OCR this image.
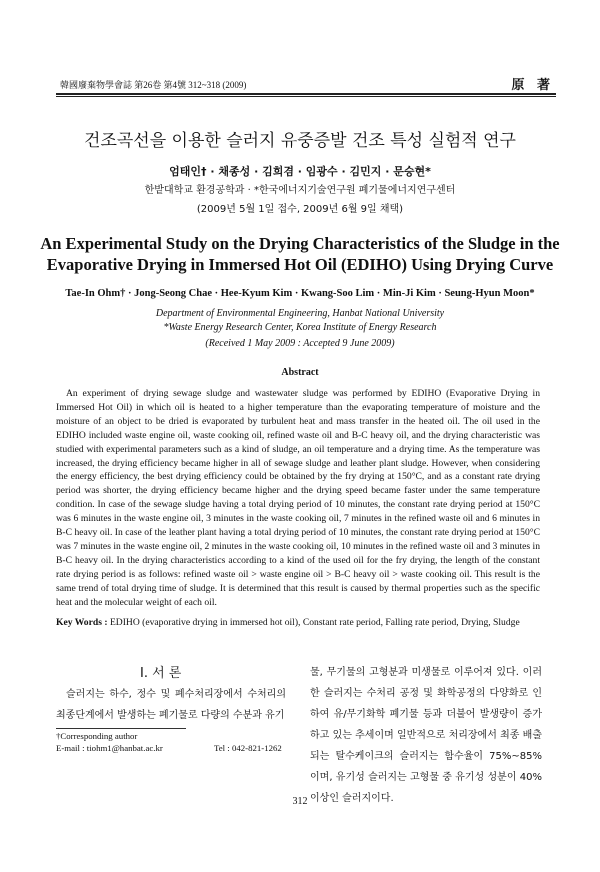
韓國廢棄物學會誌 第26卷 第4號 312~318 (2009)	原 著
건조곡선을 이용한 슬러지 유중증발 건조 특성 실험적 연구
엄태인† · 채종성 · 김희겸 · 임광수 · 김민지 · 문승현*
한밭대학교 환경공학과 · *한국에너지기술연구원 폐기물에너지연구센터
(2009년 5월 1일 접수, 2009년 6월 9일 채택)
An Experimental Study on the Drying Characteristics of the Sludge in the Evaporative Drying in Immersed Hot Oil (EDIHO) Using Drying Curve
Tae-In Ohm† · Jong-Seong Chae · Hee-Kyum Kim · Kwang-Soo Lim · Min-Ji Kim · Seung-Hyun Moon*
Department of Environmental Engineering, Hanbat National University
*Waste Energy Research Center, Korea Institute of Energy Research
(Received 1 May 2009 : Accepted 9 June 2009)
Abstract
An experiment of drying sewage sludge and wastewater sludge was performed by EDIHO (Evaporative Drying in Immersed Hot Oil) in which oil is heated to a higher temperature than the evaporating temperature of moisture and the moisture of an object to be dried is evaporated by turbulent heat and mass transfer in the heated oil. The oil used in the EDIHO included waste engine oil, waste cooking oil, refined waste oil and B-C heavy oil, and the drying characteristic was studied with experimental parameters such as a kind of sludge, an oil temperature and a drying time. As the temperature was increased, the drying efficiency became higher in all of sewage sludge and leather plant sludge. However, when considering the energy efficiency, the best drying efficiency could be obtained by the fry drying at 150°C, and as a constant rate drying period was shorter, the drying efficiency became higher and the drying speed became faster under the same temperature condition. In case of the sewage sludge having a total drying period of 10 minutes, the constant rate drying period at 150°C was 6 minutes in the waste engine oil, 3 minutes in the waste cooking oil, 7 minutes in the refined waste oil and 6 minutes in B-C heavy oil. In case of the leather plant having a total drying period of 10 minutes, the constant rate drying period at 150°C was 7 minutes in the waste engine oil, 2 minutes in the waste cooking oil, 10 minutes in the refined waste oil and 3 minutes in B-C heavy oil. In the drying characteristics according to a kind of the used oil for the fry drying, the length of the constant rate drying period is as follows: refined waste oil > waste engine oil > B-C heavy oil > waste cooking oil. This result is the same trend of total drying time of sludge. It is determined that this result is caused by thermal properties such as the specific heat and the molecular weight of each oil.
Key Words : EDIHO (evaporative drying in immersed hot oil), Constant rate period, Falling rate period, Drying, Sludge
I. 서 론
슬러지는 하수, 정수 및 폐수처리장에서 수처리의 최종단계에서 발생하는 폐기물로 다량의 수분과 유기
물, 무기물의 고형분과 미생물로 이루어져 있다. 이러한 슬러지는 수처리 공정 및 화학공정의 다양화로 인하여 유/무기화학 폐기물 등과 더불어 발생량이 증가하고 있는 추세이며 일반적으로 처리장에서 최종 배출되는 탈수케이크의 슬러지는 함수율이 75%~85% 이며, 유기성 슬러지는 고형물 중 유기성 성분이 40% 이상인 슬러지이다.
†Corresponding author
E-mail : tiohm1@hanbat.ac.kr	Tel : 042-821-1262
312
